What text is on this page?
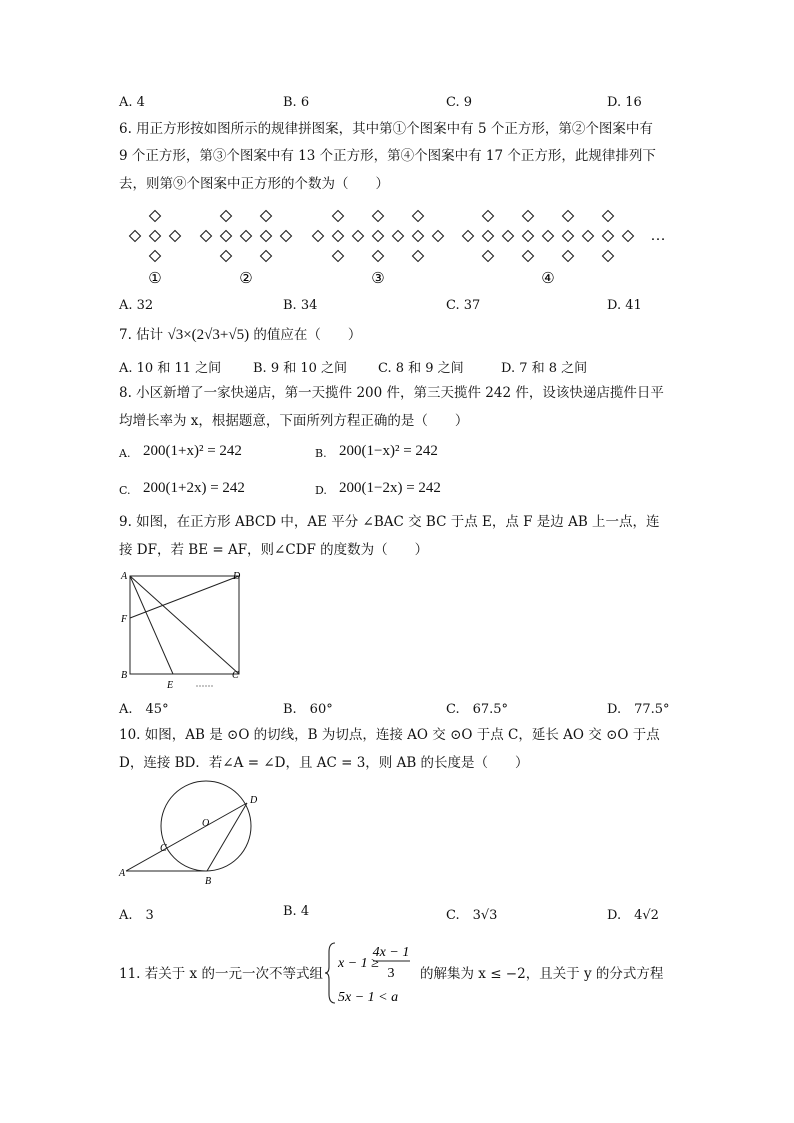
A. 4	B. 6	C. 9	D. 16
6. 用正方形按如图所示的规律拼图案，其中第①个图案中有 5 个正方形，第②个图案中有
9 个正方形，第③个图案中有 13 个正方形，第④个图案中有 17 个正方形，此规律排列下
去，则第⑨个图案中正方形的个数为（　　）
①	②	③	④
…
A. 32	B. 34	C. 37	D. 41
7. 估计 √3×(2√3+√5) 的值应在（　　）
A. 10 和 11 之间 B. 9 和 10 之间 C. 8 和 9 之间	D. 7 和 8 之间
8. 小区新增了一家快递店，第一天揽件 200 件，第三天揽件 242 件，设该快递店揽件日平
均增长率为 x，根据题意，下面所列方程正确的是（　　）
A. 200(1+x)² = 242	B. 200(1−x)² = 242
C. 200(1+2x) = 242	D. 200(1−2x) = 242
9. 如图，在正方形 ABCD 中，AE 平分 ∠BAC 交 BC 于点 E，点 F 是边 AB 上一点，连
接 DF，若 BE = AF，则∠CDF 的度数为（　　）
A	D
F
B
E
C
A.　45°	B.　60°	C.　67.5°	D.　77.5°
10. 如图，AB 是 ⊙O 的切线，B 为切点，连接 AO 交 ⊙O 于点 C，延长 AO 交 ⊙O 于点
D，连接 BD．若∠A = ∠D，且 AC = 3，则 AB 的长度是（　　）
D
O
C
A
B
A.　3	B. 4	C.　3√3	D.　4√2
11. 若关于 x 的一元一次不等式组
x − 1 ≥
4x − 1
3
5x − 1 < a
的解集为 x ≤ −2，且关于 y 的分式方程
